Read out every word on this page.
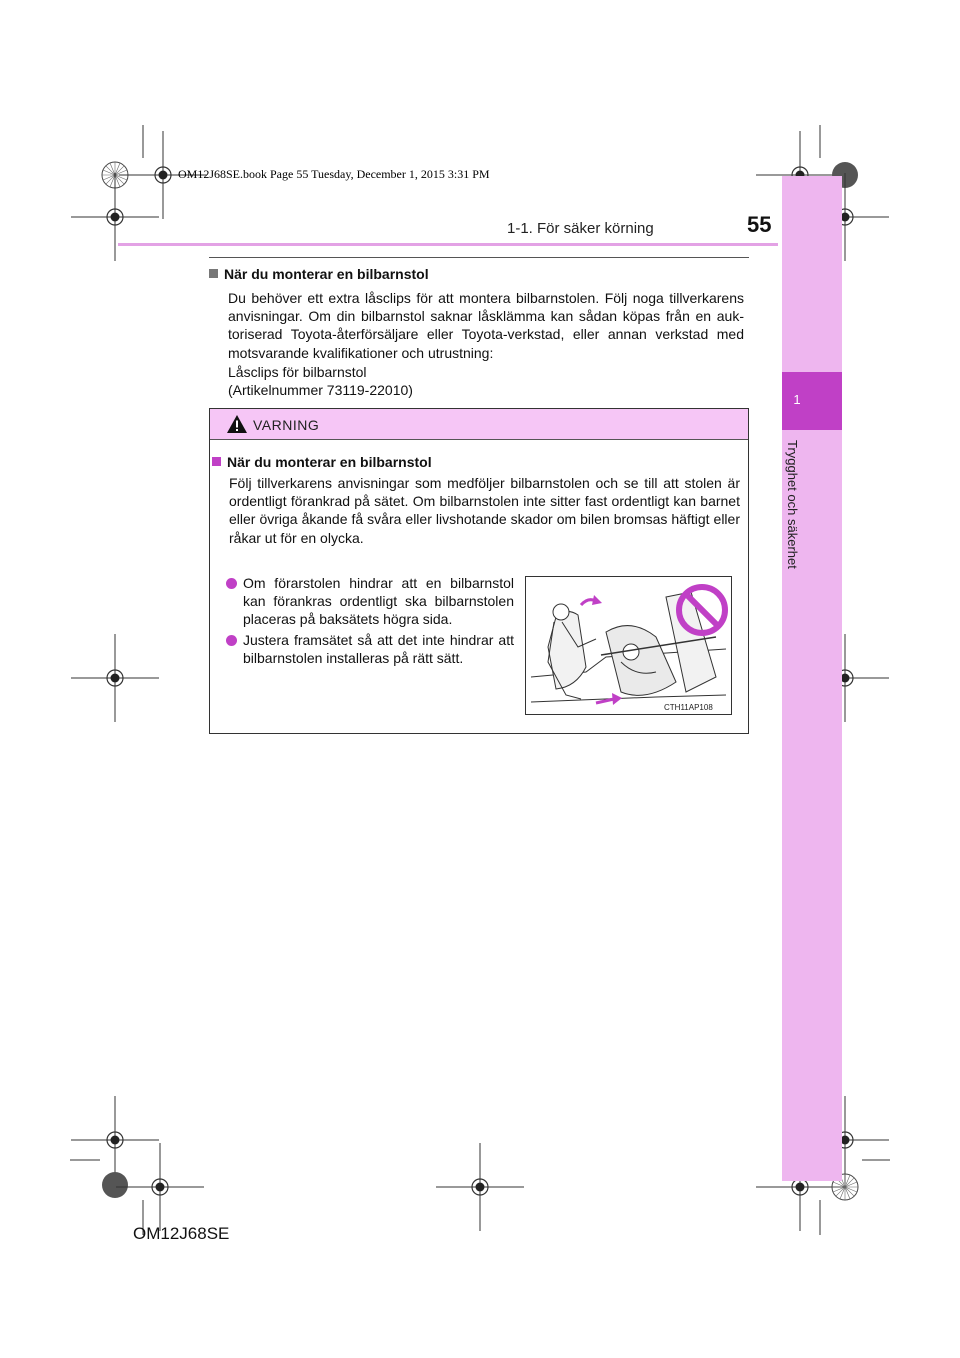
OM12J68SE.book Page 55 Tuesday, December 1, 2015 3:31 PM
1-1. För säker körning	55
1
Trygghet och säkerhet
När du monterar en bilbarnstol
Du behöver ett extra låsclips för att montera bilbarnstolen. Följ noga tillverkarens anvisningar. Om din bilbarnstol saknar låsklämma kan sådan köpas från en auktoriserad Toyota-återförsäljare eller Toyota-verkstad, eller annan verkstad med motsvarande kvalifikationer och utrustning:
Låsclips för bilbarnstol
(Artikelnummer 73119-22010)
VARNING
När du monterar en bilbarnstol
Följ tillverkarens anvisningar som medföljer bilbarnstolen och se till att stolen är ordentligt förankrad på sätet. Om bilbarnstolen inte sitter fast ordentligt kan barnet eller övriga åkande få svåra eller livshotande skador om bilen bromsas häftigt eller råkar ut för en olycka.
Om förarstolen hindrar att en bilbarnstol kan förankras ordentligt ska bilbarnstolen placeras på baksätets högra sida.
Justera framsätet så att det inte hindrar att bilbarnstolen installeras på rätt sätt.
CTH11AP108
OM12J68SE
